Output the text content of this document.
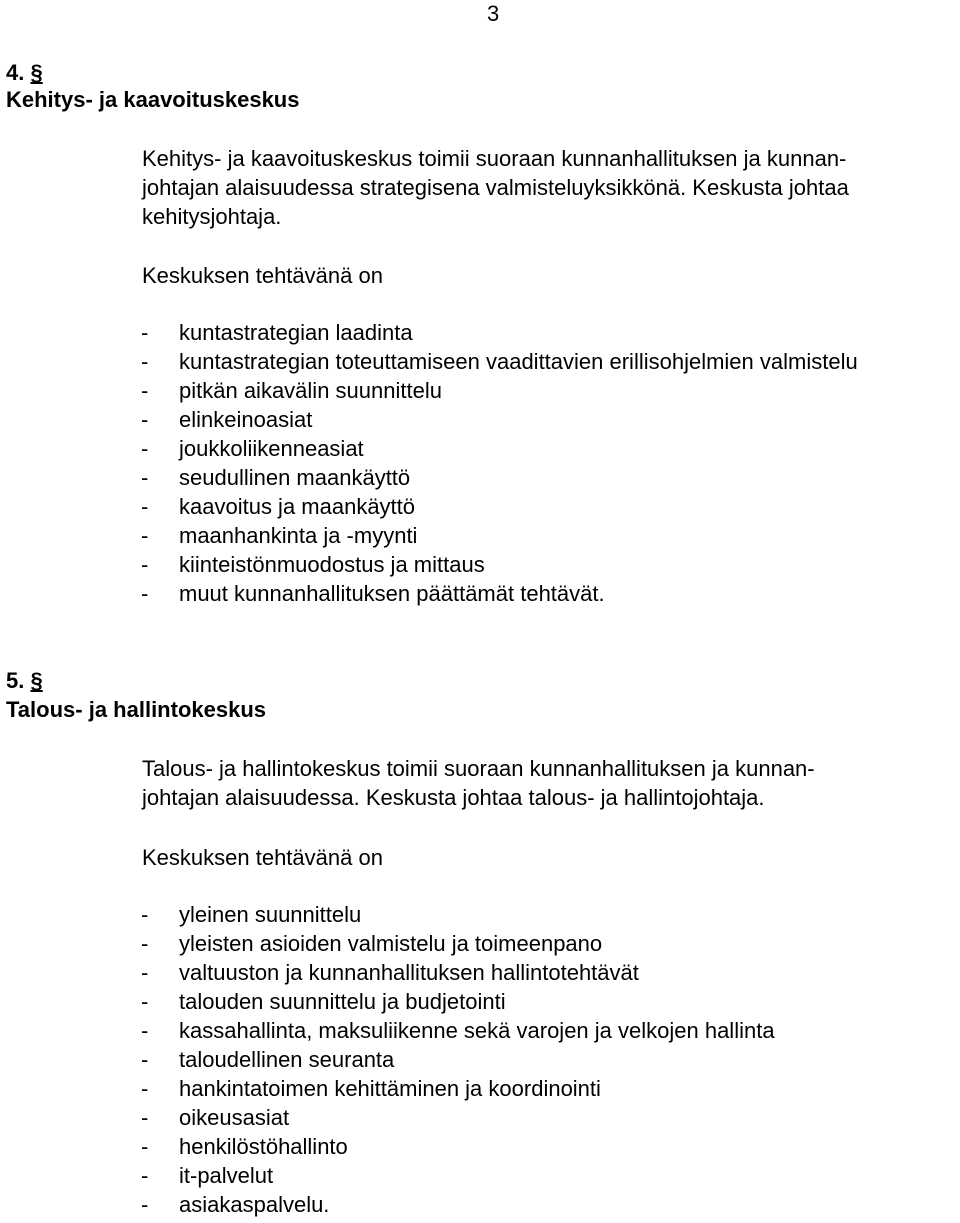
3
4. §
Kehitys- ja kaavoituskeskus
Kehitys- ja kaavoituskeskus toimii suoraan kunnanhallituksen ja kunnan-
johtajan alaisuudessa strategisena valmisteluyksikkönä. Keskusta johtaa
kehitysjohtaja.
Keskuksen tehtävänä on
- kuntastrategian laadinta
- kuntastrategian toteuttamiseen vaadittavien erillisohjelmien valmistelu
- pitkän aikavälin suunnittelu
- elinkeinoasiat
- joukkoliikenneasiat
- seudullinen maankäyttö
- kaavoitus ja maankäyttö
- maanhankinta ja -myynti
- kiinteistönmuodostus ja mittaus
- muut kunnanhallituksen päättämät tehtävät.
5. §
Talous- ja hallintokeskus
Talous- ja hallintokeskus toimii suoraan kunnanhallituksen ja kunnan-
johtajan alaisuudessa. Keskusta johtaa talous- ja hallintojohtaja.
Keskuksen tehtävänä on
- yleinen suunnittelu
- yleisten asioiden valmistelu ja toimeenpano
- valtuuston ja kunnanhallituksen hallintotehtävät
- talouden suunnittelu ja budjetointi
- kassahallinta, maksuliikenne sekä varojen ja velkojen hallinta
- taloudellinen seuranta
- hankintatoimen kehittäminen ja koordinointi
- oikeusasiat
- henkilöstöhallinto
- it-palvelut
- asiakaspalvelu.
